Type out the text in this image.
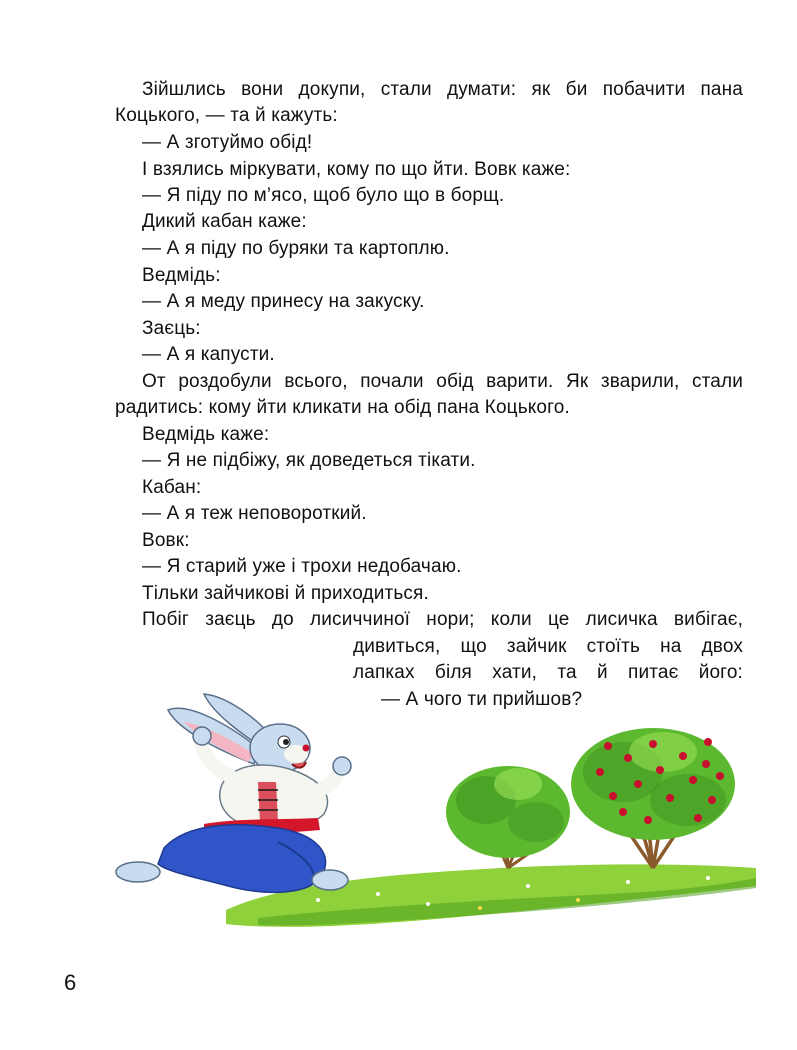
Зійшлись вони докупи, стали думати: як би побачити пана
Коцького, — та й кажуть:
— А зготуймо обід!
І взялись міркувати, кому по що йти. Вовк каже:
— Я піду по м’ясо, щоб було що в борщ.
Дикий кабан каже:
— А я піду по буряки та картоплю.
Ведмідь:
— А я меду принесу на закуску.
Заєць:
— А я капусти.
От роздобули всього, почали обід варити. Як зварили, стали
радитись: кому йти кликати на обід пана Коцького.
Ведмідь каже:
— Я не підбіжу, як доведеться тікати.
Кабан:
— А я теж неповороткий.
Вовк:
— Я старий уже і трохи недобачаю.
Тільки зайчикові й приходиться.
Побіг заєць до лисиччиної нори; коли це лисичка вибігає,
дивиться, що зайчик стоїть на двох
лапках біля хати, та й питає його:
— А чого ти прийшов?
6
